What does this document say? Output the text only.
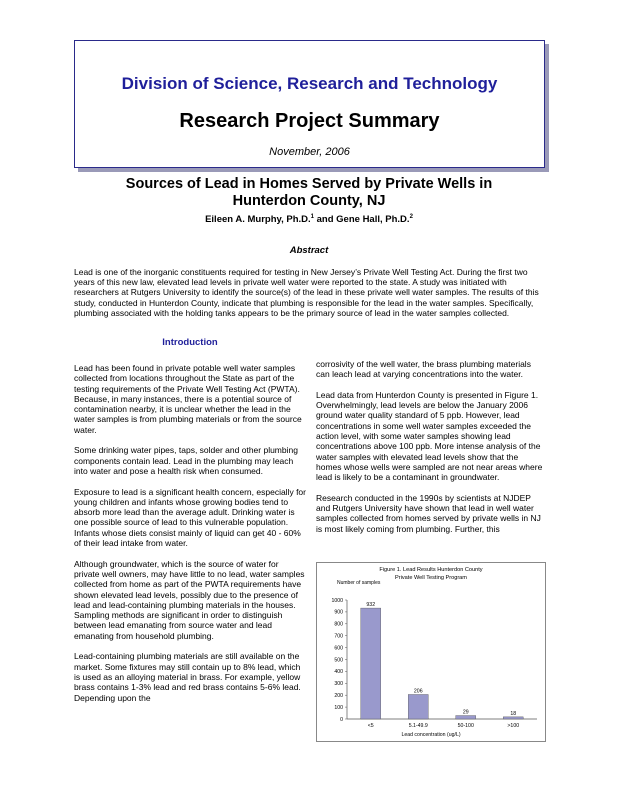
Division of Science, Research and Technology
Research Project Summary
November, 2006
Sources of Lead in Homes Served by Private Wells in
Hunterdon County, NJ
Eileen A. Murphy, Ph.D.$^1$ and Gene Hall, Ph.D.$^2$
Abstract
Lead is one of the inorganic constituents required for testing in New Jersey’s Private Well Testing Act. During the first two years of this new law, elevated lead levels in private well water were reported to the state. A study was initiated with researchers at Rutgers University to identify the source(s) of the lead in these private well water samples. The results of this study, conducted in Hunterdon County, indicate that plumbing is responsible for the lead in the water samples. Specifically, plumbing associated with the holding tanks appears to be the primary source of lead in the water samples collected.
Introduction

Lead has been found in private potable well water samples collected from locations throughout the State as part of the testing requirements of the Private Well Testing Act (PWTA). Because, in many instances, there is a potential source of contamination nearby, it is unclear whether the lead in the water samples is from plumbing materials or from the source water.

Some drinking water pipes, taps, solder and other plumbing components contain lead. Lead in the plumbing may leach into water and pose a health risk when consumed.

Exposure to lead is a significant health concern, especially for young children and infants whose growing bodies tend to absorb more lead than the average adult. Drinking water is one possible source of lead to this vulnerable population. Infants whose diets consist mainly of liquid can get 40 - 60% of their lead intake from water.

Although groundwater, which is the source of water for private well owners, may have little to no lead, water samples collected from home as part of the PWTA requirements have shown elevated lead levels, possibly due to the presence of lead and lead-containing plumbing materials in the houses. Sampling methods are significant in order to distinguish between lead emanating from source water and lead emanating from household plumbing.

Lead-containing plumbing materials are still available on the market. Some fixtures may still contain up to 8% lead, which is used as an alloying material in brass. For example, yellow brass contains 1-3% lead and red brass contains 5-6% lead. Depending upon the

corrosivity of the well water, the brass plumbing materials can leach lead at varying concentrations into the water.

Lead data from Hunterdon County is presented in Figure 1. Overwhelmingly, lead levels are below the January 2006 ground water quality standard of 5 ppb. However, lead concentrations in some well water samples exceeded the action level, with some water samples showing lead concentrations above 100 ppb. More intense analysis of the water samples with elevated lead levels show that the homes whose wells were sampled are not near areas where lead is likely to be a contaminant in groundwater.

Research conducted in the 1990s by scientists at NJDEP and Rutgers University have shown that lead in well water samples collected from homes served by private wells in NJ is most likely coming from plumbing. Further, this

Figure 1. Lead Results Hunterdon County
Private Well Testing Program
Number of samples
Lead concentration (ug/L)
0
100
200
300
400
500
600
700
800
900
1000
932
<5
206
5.1-49.9
29
50-100
18
>100
